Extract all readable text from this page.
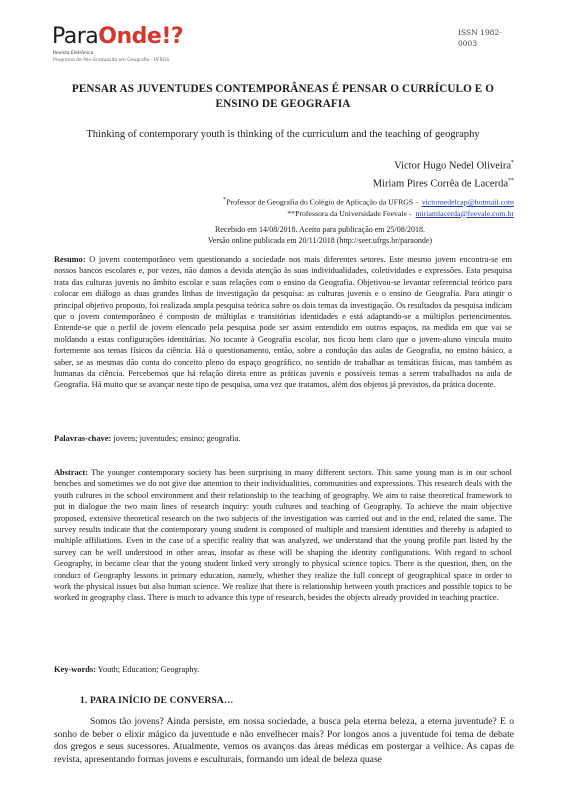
ParaOnde!?
Revista Eletrônica
Programa de Pós-Graduação em Geografia - UFRGS
ISSN 1982-
0003
PENSAR AS JUVENTUDES CONTEMPORÂNEAS É PENSAR O CURRÍCULO E O ENSINO DE GEOGRAFIA
Thinking of contemporary youth is thinking of the curriculum and the teaching of geography
Victor Hugo Nedel Oliveira*
Miriam Pires Corrêa de Lacerda**
*Professor de Geografia do Colégio de Aplicação da UFRGS - victornedelcap@hotmail.com
**Professora da Universidade Feevale - miriamlacerda@feevale.com.br
Recebido em 14/08/2018. Aceito para publicação em 25/08/2018.
Versão online publicada em 20/11/2018 (http://seer.ufrgs.br/paraonde)
Resumo: O jovem contemporâneo vem questionando a sociedade nos mais diferentes setores. Este mesmo jovem encontra-se em nossos bancos escolares e, por vezes, não damos a devida atenção às suas individualidades, coletividades e expressões. Esta pesquisa trata das culturas juvenis no âmbito escolar e suas relações com o ensino da Geografia. Objetivou-se levantar referencial teórico para colocar em diálogo as duas grandes linhas de investigação da pesquisa: as culturas juvenis e o ensino de Geografia. Para atingir o principal objetivo proposto, foi realizada ampla pesquisa teórica sobre os dois temas da investigação. Os resultados da pesquisa indicam que o jovem contemporâneo é composto de múltiplas e transitórias identidades e está adaptando-se a múltiplos pertencimentos. Entende-se que o perfil de jovem elencado pela pesquisa pode ser assim entendido em outros espaços, na medida em que vai se moldando a estas configurações identitárias. No tocante à Geografia escolar, nos ficou bem claro que o jovem-aluno vincula muito fortemente aos temas físicos da ciência. Há o questionamento, então, sobre a condução das aulas de Geografia, no ensino básico, a saber, se as mesmas dão conta do conceito pleno do espaço geográfico, no sentido de trabalhar as temáticas físicas, mas também as humanas da ciência. Percebemos que há relação direta entre as práticas juvenis e possíveis temas a serem trabalhados na aula de Geografia. Há muito que se avançar neste tipo de pesquisa, uma vez que tratamos, além dos objetos já previstos, da prática docente.
Palavras-chave: jovens; juventudes; ensino; geografia.
Abstract: The younger contemporary society has been surprising in many different sectors. This same young man is in our school benches and sometimes we do not give due attention to their individualities, communities and expressions. This research deals with the youth cultures in the school environment and their relationship to the teaching of geography. We aim to raise theoretical framework to put in dialogue the two main lines of research inquiry: youth cultures and teaching of Geography. To achieve the main objective proposed, extensive theoretical research on the two subjects of the investigation was carried out and in the end, related the same. The survey results indicate that the contemporary young student is composed of multiple and transient identities and thereby is adapted to multiple affiliations. Even in the case of a specific reality that was analyzed, we understand that the young profile part listed by the survey can be well understood in other areas, insofar as these will be shaping the identity configurations. With regard to school Geography, in became clear that the young student linked very strongly to physical science topics. There is the question, then, on the conduct of Geography lessons in primary education, namely, whether they realize the full concept of geographical space in order to work the physical issues but also human science. We realize that there is relationship between youth practices and possible topics to be worked in geography class. There is much to advance this type of research, besides the objects already provided in teaching practice.
Key-words: Youth; Education; Geography.
1. PARA INÍCIO DE CONVERSA…
Somos tão jovens? Ainda persiste, em nossa sociedade, a busca pela eterna beleza, a eterna juventude? E o sonho de beber o elixir mágico da juventude e não envelhecer mais? Por longos anos a juventude foi tema de debate dos gregos e seus sucessores. Atualmente, vemos os avanços das áreas médicas em postergar a velhice. As capas de revista, apresentando formas jovens e esculturais, formando um ideal de beleza quase
